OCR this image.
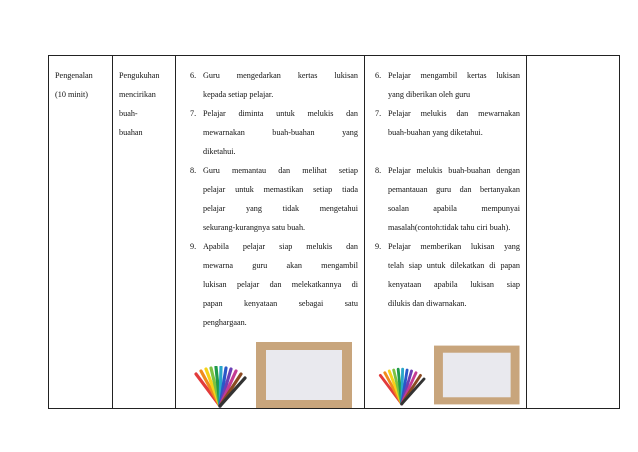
Pengenalan
(10 minit)

Pengukuhan
mencirikan
buah-
buahan

6. Guru mengedarkan kertas lukisan
kepada setiap pelajar.
7. Pelajar diminta untuk melukis dan
mewarnakan buah-buahan yang
diketahui.
8. Guru memantau dan melihat setiap
pelajar untuk memastikan setiap tiada
pelajar yang tidak mengetahui
sekurang-kurangnya satu buah.
9. Apabila pelajar siap melukis dan
mewarna guru akan mengambil
lukisan pelajar dan melekatkannya di
papan kenyataan sebagai satu
penghargaan.

6. Pelajar mengambil kertas lukisan
yang diberikan oleh guru
7. Pelajar melukis dan mewarnakan
buah-buahan yang diketahui.
8. Pelajar melukis buah-buahan dengan
pemantauan guru dan bertanyakan
soalan apabila mempunyai
masalah(contoh:tidak tahu ciri buah).
9. Pelajar memberikan lukisan yang
telah siap untuk dilekatkan di papan
kenyataan apabila lukisan siap
dilukis dan diwarnakan.
